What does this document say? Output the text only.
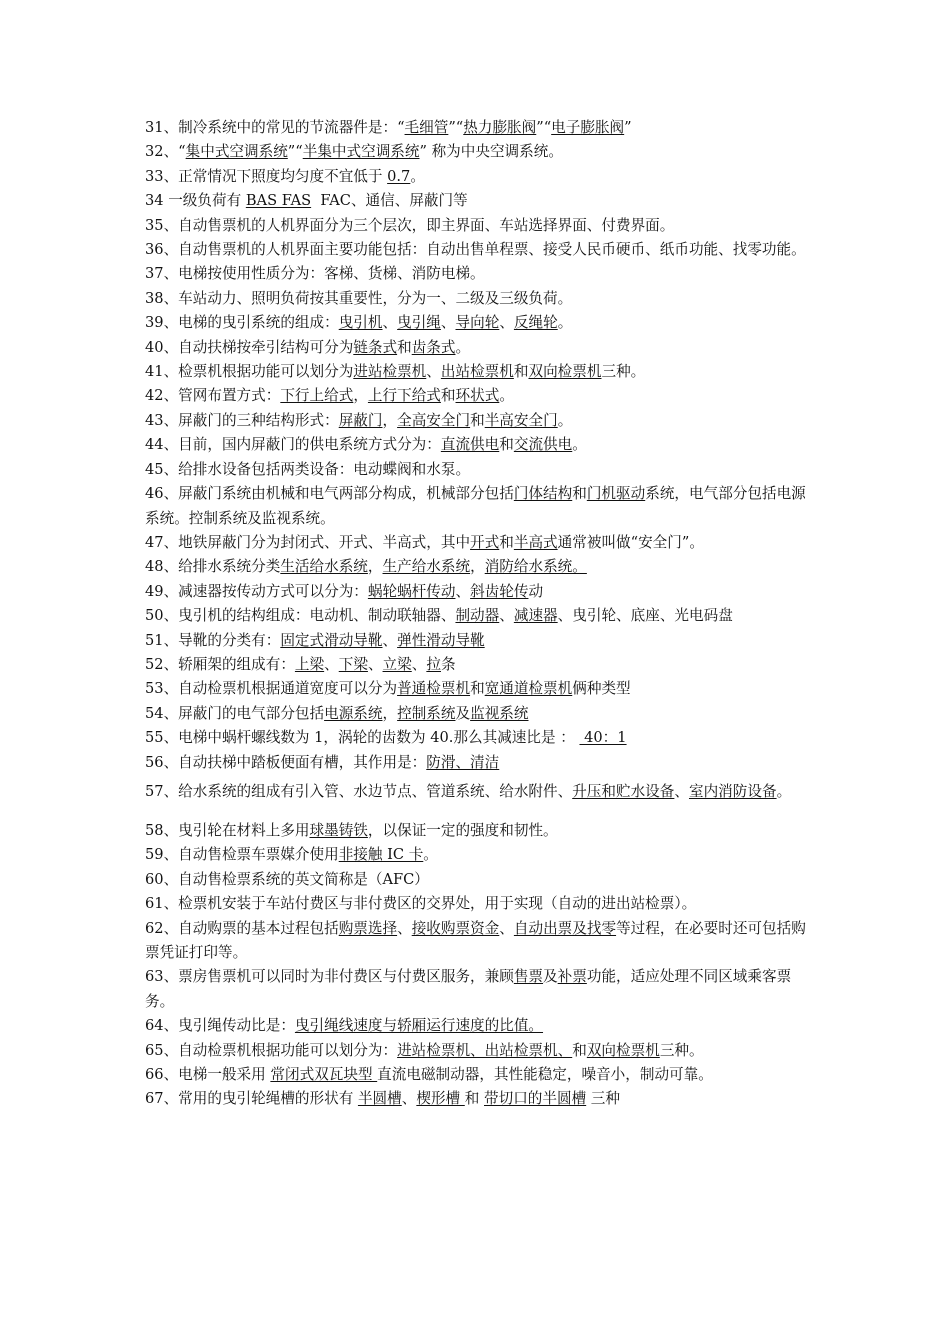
31、制冷系统中的常见的节流器件是：“毛细管”“热力膨胀阀”“电子膨胀阀”
32、“集中式空调系统”“半集中式空调系统” 称为中央空调系统。
33、正常情况下照度均匀度不宜低于 0.7。
34 一级负荷有 BAS FAS  FAC、通信、屏蔽门等
35、自动售票机的人机界面分为三个层次，即主界面、车站选择界面、付费界面。
36、自动售票机的人机界面主要功能包括：自动出售单程票、接受人民币硬币、纸币功能、找零功能。
37、电梯按使用性质分为：客梯、货梯、消防电梯。
38、车站动力、照明负荷按其重要性，分为一、二级及三级负荷。
39、电梯的曳引系统的组成：曳引机、曳引绳、导向轮、反绳轮。
40、自动扶梯按牵引结构可分为链条式和齿条式。
41、检票机根据功能可以划分为进站检票机、出站检票机和双向检票机三种。
42、管网布置方式：下行上给式，上行下给式和环状式。
43、屏蔽门的三种结构形式：屏蔽门，全高安全门和半高安全门。
44、目前，国内屏蔽门的供电系统方式分为：直流供电和交流供电。
45、给排水设备包括两类设备：电动蝶阀和水泵。
46、屏蔽门系统由机械和电气两部分构成，机械部分包括门体结构和门机驱动系统，电气部分包括电源系统。控制系统及监视系统。
47、地铁屏蔽门分为封闭式、开式、半高式，其中开式和半高式通常被叫做“安全门”。
48、给排水系统分类生活给水系统，生产给水系统，消防给水系统。
49、减速器按传动方式可以分为：蜗轮蜗杆传动、斜齿轮传动
50、曳引机的结构组成：电动机、制动联轴器、制动器、减速器、曳引轮、底座、光电码盘
51、导靴的分类有：固定式滑动导靴、弹性滑动导靴
52、轿厢架的组成有：上梁、下梁、立梁、拉条
53、自动检票机根据通道宽度可以分为普通检票机和宽通道检票机俩种类型
54、屏蔽门的电气部分包括电源系统，控制系统及监视系统
55、电梯中蜗杆螺线数为 1，涡轮的齿数为 40.那么其减速比是 ：  40：1
56、自动扶梯中踏板便面有槽，其作用是：防滑、清洁
57、给水系统的组成有引入管、水边节点、管道系统、给水附件、升压和贮水设备、室内消防设备。
58、曳引轮在材料上多用球墨铸铁，以保证一定的强度和韧性。
59、自动售检票车票媒介使用非接触 IC 卡。
60、自动售检票系统的英文简称是（AFC）
61、检票机安装于车站付费区与非付费区的交界处，用于实现（自动的进出站检票）。
62、自动购票的基本过程包括购票选择、接收购票资金、自动出票及找零等过程，在必要时还可包括购票凭证打印等。
63、票房售票机可以同时为非付费区与付费区服务，兼顾售票及补票功能，适应处理不同区域乘客票务。
64、曳引绳传动比是：曳引绳线速度与轿厢运行速度的比值。
65、自动检票机根据功能可以划分为：进站检票机、出站检票机、和双向检票机三种。
66、电梯一般采用 常闭式双瓦块型 直流电磁制动器，其性能稳定，噪音小，制动可靠。
67、常用的曳引轮绳槽的形状有 半圆槽、楔形槽 和 带切口的半圆槽 三种
